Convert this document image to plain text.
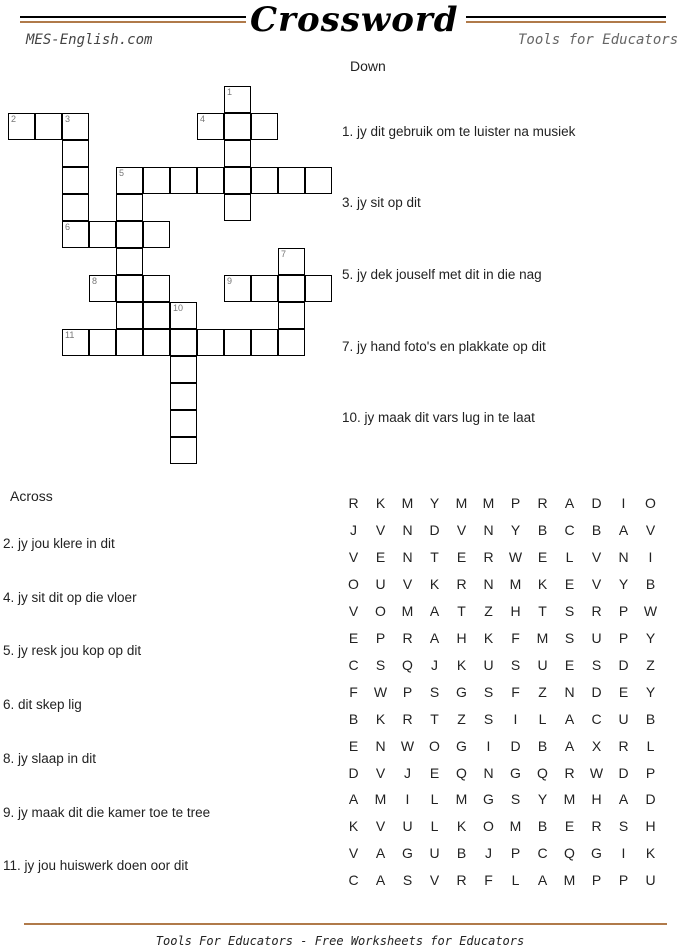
Crossword
MES-English.com	Tools for Educators
Down
1. jy dit gebruik om te luister na musiek
3. jy sit op dit
5. jy dek jouself met dit in die nag
7. jy hand foto's en plakkate op dit
10. jy maak dit vars lug in te laat
Across
2. jy jou klere in dit
4. jy sit dit op die vloer
5. jy resk jou kop op dit
6. dit skep lig
8. jy slaap in dit
9. jy maak dit die kamer toe te tree
11. jy jou huiswerk doen oor dit
1
2	3	4
5
6
7
8	9
10
11
R	K	M	Y	M	M	P	R	A	D	I	O
J	V	N	D	V	N	Y	B	C	B	A	V
V	E	N	T	E	R	W	E	L	V	N	I
O	U	V	K	R	N	M	K	E	V	Y	B
V	O	M	A	T	Z	H	T	S	R	P	W
E	P	R	A	H	K	F	M	S	U	P	Y
C	S	Q	J	K	U	S	U	E	S	D	Z
F	W	P	S	G	S	F	Z	N	D	E	Y
B	K	R	T	Z	S	I	L	A	C	U	B
E	N	W	O	G	I	D	B	A	X	R	L
D	V	J	E	Q	N	G	Q	R	W	D	P
A	M	I	L	M	G	S	Y	M	H	A	D
K	V	U	L	K	O	M	B	E	R	S	H
V	A	G	U	B	J	P	C	Q	G	I	K
C	A	S	V	R	F	L	A	M	P	P	U
Tools For Educators - Free Worksheets for Educators
